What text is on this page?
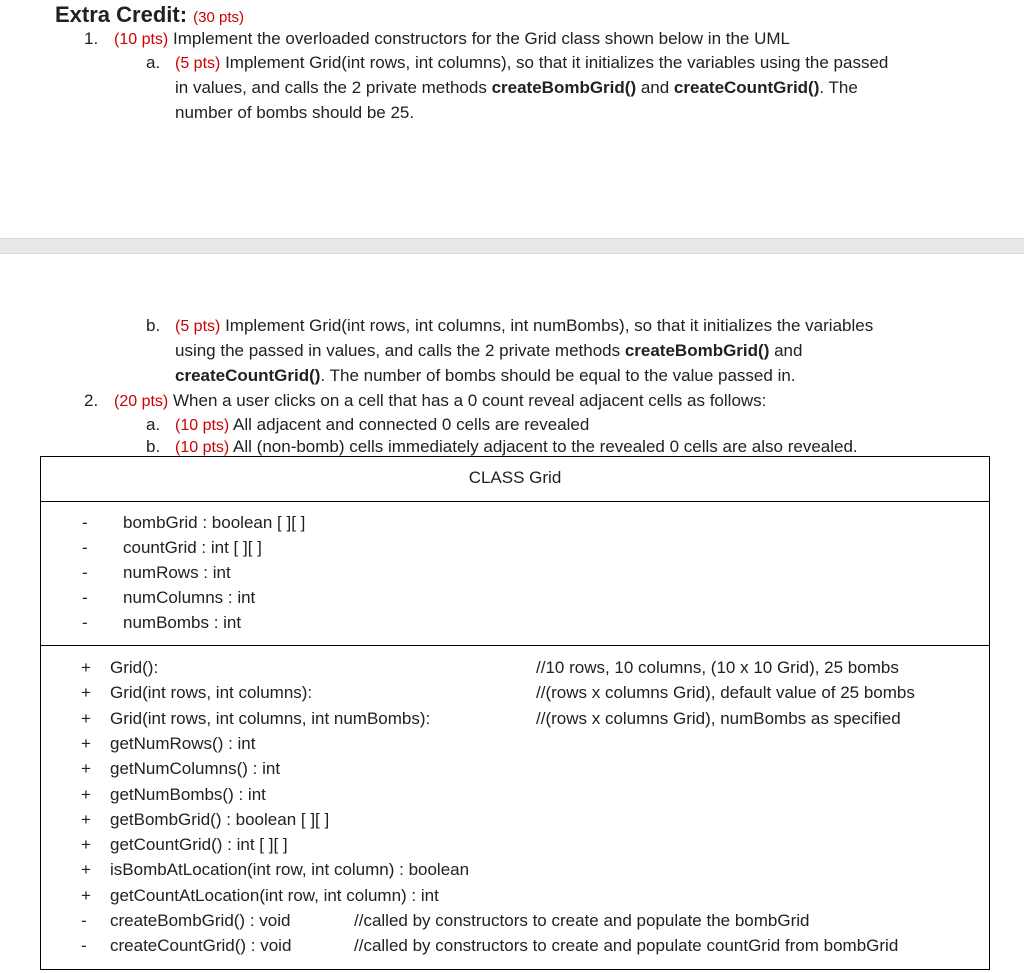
Extra Credit: (30 pts)
1. (10 pts) Implement the overloaded constructors for the Grid class shown below in the UML
a. (5 pts) Implement Grid(int rows, int columns), so that it initializes the variables using the passed
in values, and calls the 2 private methods createBombGrid() and createCountGrid(). The
number of bombs should be 25.
b. (5 pts) Implement Grid(int rows, int columns, int numBombs), so that it initializes the variables
using the passed in values, and calls the 2 private methods createBombGrid() and
createCountGrid(). The number of bombs should be equal to the value passed in.
2. (20 pts) When a user clicks on a cell that has a 0 count reveal adjacent cells as follows:
a. (10 pts) All adjacent and connected 0 cells are revealed
b. (10 pts) All (non-bomb) cells immediately adjacent to the revealed 0 cells are also revealed.
CLASS Grid
- bombGrid : boolean [ ][ ]
- countGrid : int [ ][ ]
- numRows : int
- numColumns : int
- numBombs : int
+ Grid():	//10 rows, 10 columns, (10 x 10 Grid), 25 bombs
+ Grid(int rows, int columns):	//(rows x columns Grid), default value of 25 bombs
+ Grid(int rows, int columns, int numBombs):	//(rows x columns Grid), numBombs as specified
+ getNumRows() : int
+ getNumColumns() : int
+ getNumBombs() : int
+ getBombGrid() : boolean [ ][ ]
+ getCountGrid() : int [ ][ ]
+ isBombAtLocation(int row, int column) : boolean
+ getCountAtLocation(int row, int column) : int
- createBombGrid() : void	//called by constructors to create and populate the bombGrid
- createCountGrid() : void	//called by constructors to create and populate countGrid from bombGrid
